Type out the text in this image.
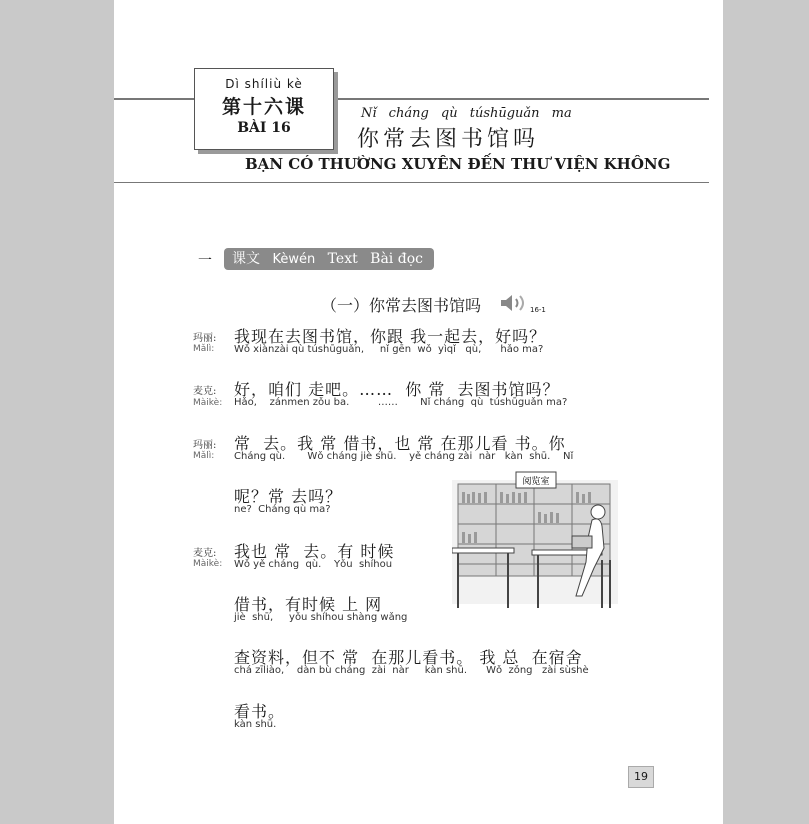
Dì shíliù kè
第十六课
BÀI 16
Nǐ cháng qù túshūguǎn ma
你常去图书馆吗
BẠN CÓ THƯỜNG XUYÊN ĐẾN THƯ VIỆN KHÔNG
一	课文 Kèwén Text Bài đọc
（一）你常去图书馆吗	16-1
玛丽:
Mǎlì:
我现在去图书馆，你跟 我一起去，好吗？
Wǒ xiànzài qù túshūguǎn,     nǐ gēn  wǒ  yìqǐ   qù,      hǎo ma?
麦克:
Màikè:
好，咱们 走吧。……  你 常  去图书馆吗？
Hǎo,    zánmen zǒu ba.         ……       Nǐ cháng  qù  túshūguǎn ma?
玛丽:
Mǎlì:
常  去。我 常 借书，也 常 在那儿看 书。你
Cháng qù.       Wǒ cháng jiè shū.    yě cháng zài  nàr   kàn  shū.    Nǐ
呢？常 去吗？
ne?  Cháng qù ma?
麦克:
Màikè:
我也 常  去。有 时候
Wǒ yě cháng  qù.    Yǒu  shíhou
借书，有时候 上 网
jiè  shū,     yǒu shíhou shàng wǎng
查资料，但不 常  在那儿看书。 我 总  在宿舍
chá zīliào,    dàn bù cháng  zài  nàr     kàn shū.      Wǒ  zǒng   zài sùshè
看书。
kàn shū.
阅览室
19
